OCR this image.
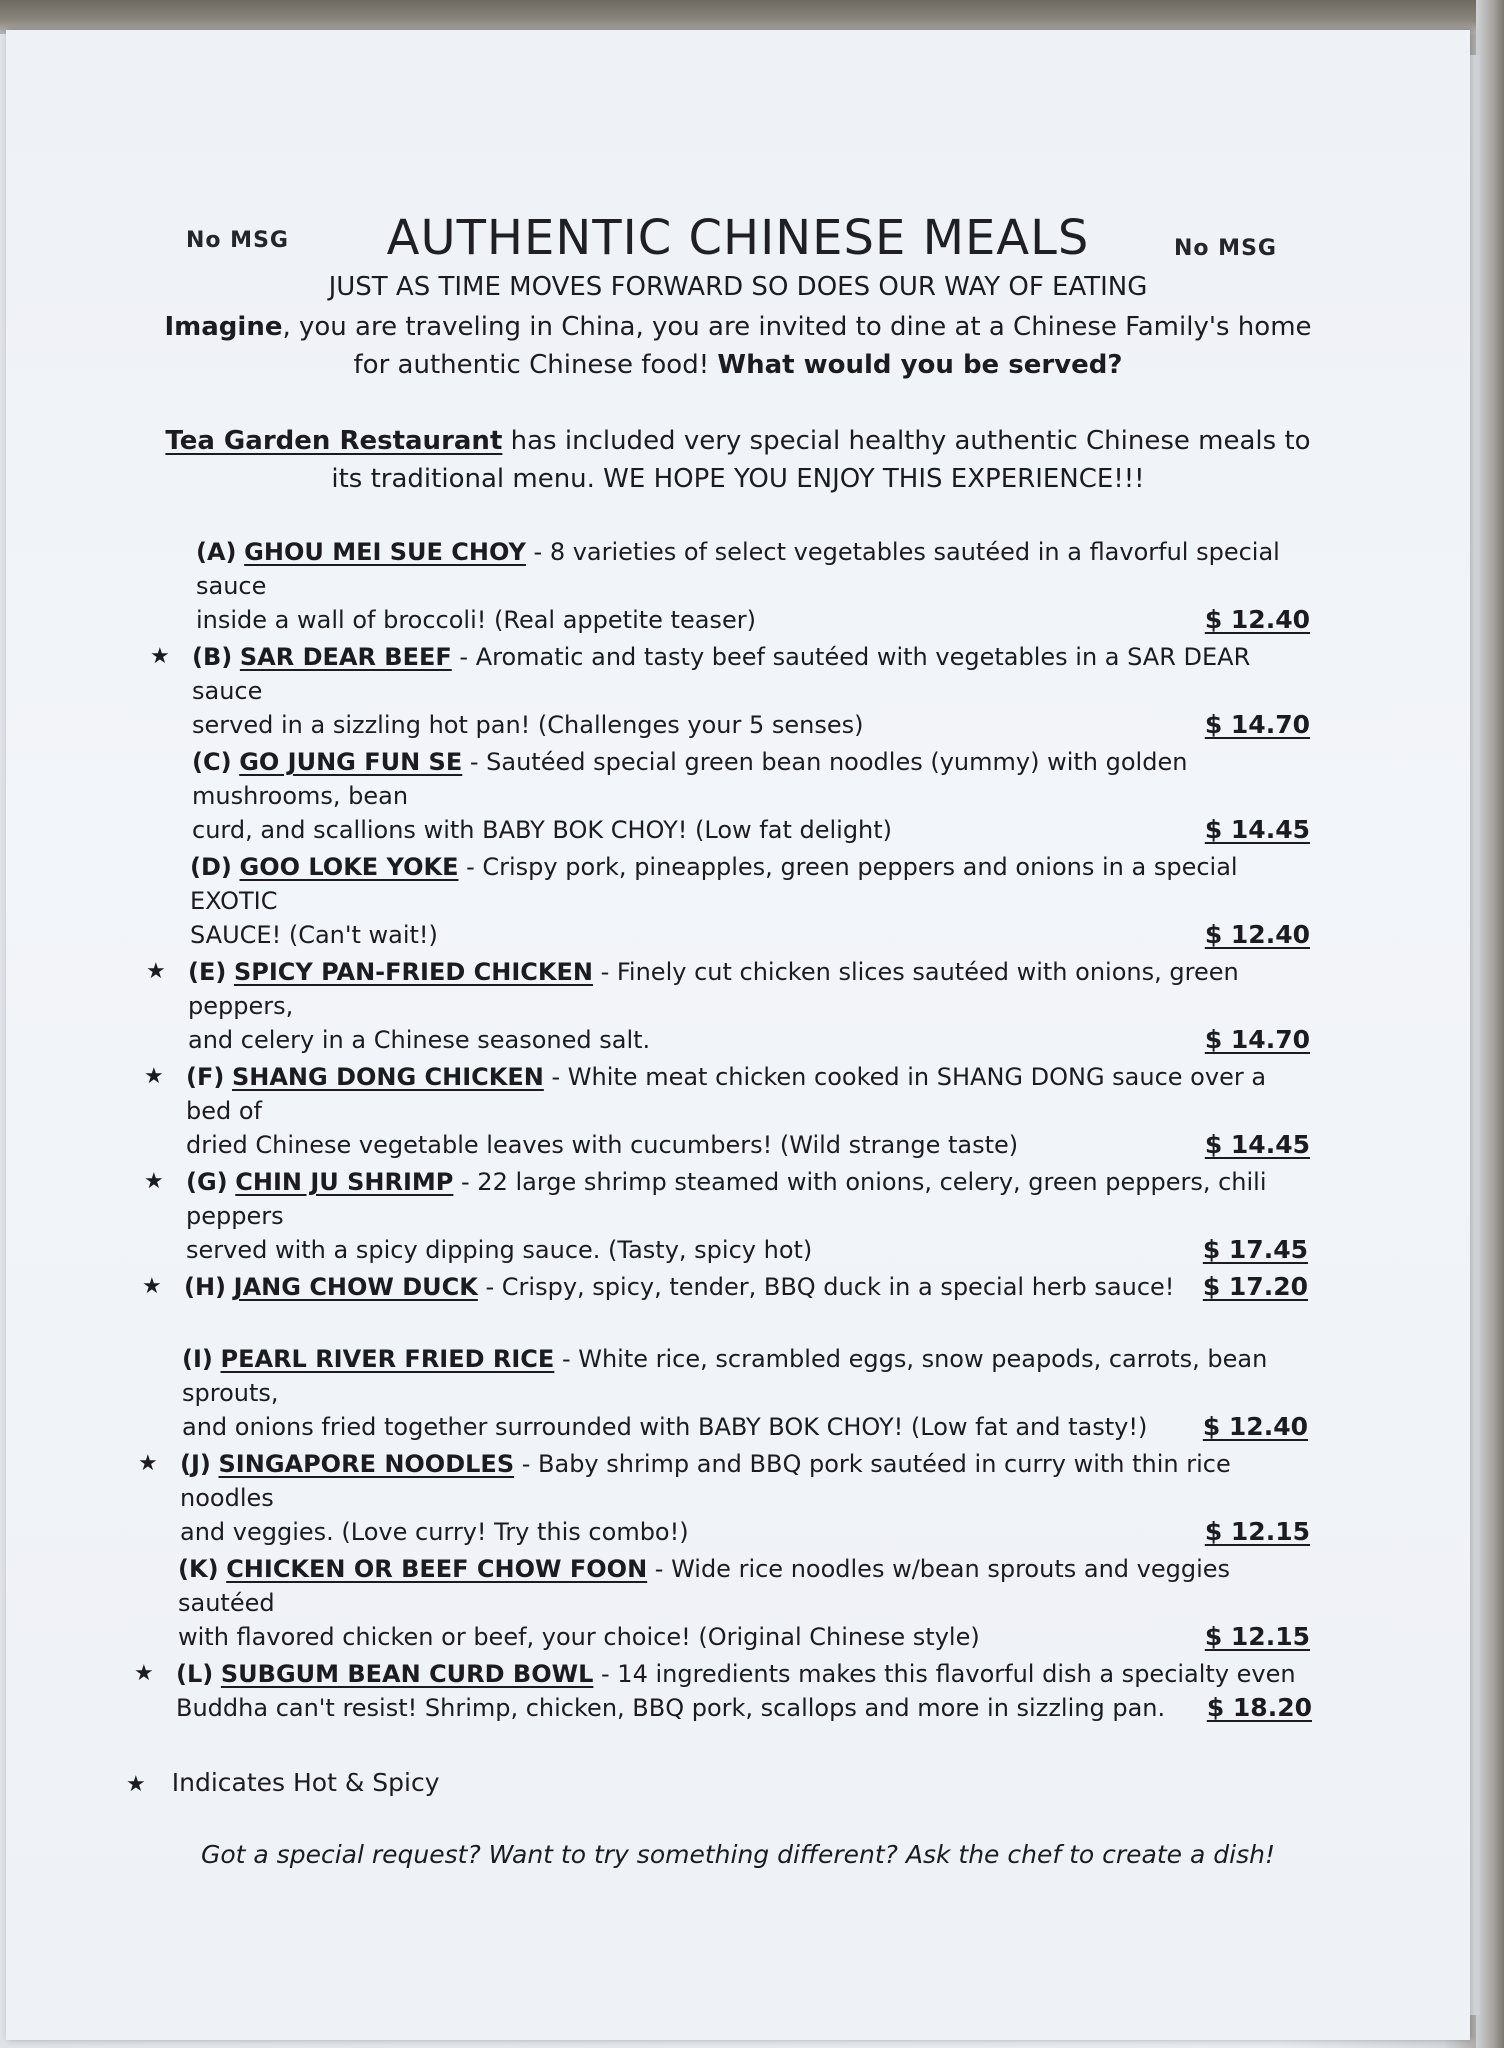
No MSG	AUTHENTIC CHINESE MEALS	No MSG
JUST AS TIME MOVES FORWARD SO DOES OUR WAY OF EATING
Imagine, you are traveling in China, you are invited to dine at a Chinese Family's home for authentic Chinese food! What would you be served?
Tea Garden Restaurant has included very special healthy authentic Chinese meals to its traditional menu. WE HOPE YOU ENJOY THIS EXPERIENCE!!!
(A) GHOU MEI SUE CHOY - 8 varieties of select vegetables sautéed in a flavorful special sauce
inside a wall of broccoli! (Real appetite teaser)	$ 12.40
★ (B) SAR DEAR BEEF - Aromatic and tasty beef sautéed with vegetables in a SAR DEAR sauce
served in a sizzling hot pan! (Challenges your 5 senses)	$ 14.70
(C) GO JUNG FUN SE - Sautéed special green bean noodles (yummy) with golden mushrooms, bean
curd, and scallions with BABY BOK CHOY! (Low fat delight)	$ 14.45
(D) GOO LOKE YOKE - Crispy pork, pineapples, green peppers and onions in a special EXOTIC
SAUCE! (Can't wait!)	$ 12.40
★ (E) SPICY PAN-FRIED CHICKEN - Finely cut chicken slices sautéed with onions, green peppers,
and celery in a Chinese seasoned salt.	$ 14.70
★ (F) SHANG DONG CHICKEN - White meat chicken cooked in SHANG DONG sauce over a bed of
dried Chinese vegetable leaves with cucumbers! (Wild strange taste)	$ 14.45
★ (G) CHIN JU SHRIMP - 22 large shrimp steamed with onions, celery, green peppers, chili peppers
served with a spicy dipping sauce. (Tasty, spicy hot)	$ 17.45
★ (H) JANG CHOW DUCK - Crispy, spicy, tender, BBQ duck in a special herb sauce! $ 17.20
(I) PEARL RIVER FRIED RICE - White rice, scrambled eggs, snow peapods, carrots, bean sprouts,
and onions fried together surrounded with BABY BOK CHOY! (Low fat and tasty!) $ 12.40
★ (J) SINGAPORE NOODLES - Baby shrimp and BBQ pork sautéed in curry with thin rice noodles
and veggies. (Love curry! Try this combo!)	$ 12.15
(K) CHICKEN OR BEEF CHOW FOON - Wide rice noodles w/bean sprouts and veggies sautéed
with flavored chicken or beef, your choice! (Original Chinese style)	$ 12.15
★ (L) SUBGUM BEAN CURD BOWL - 14 ingredients makes this flavorful dish a specialty even
Buddha can't resist! Shrimp, chicken, BBQ pork, scallops and more in sizzling pan. $ 18.20
★ Indicates Hot & Spicy
Got a special request? Want to try something different? Ask the chef to create a dish!
